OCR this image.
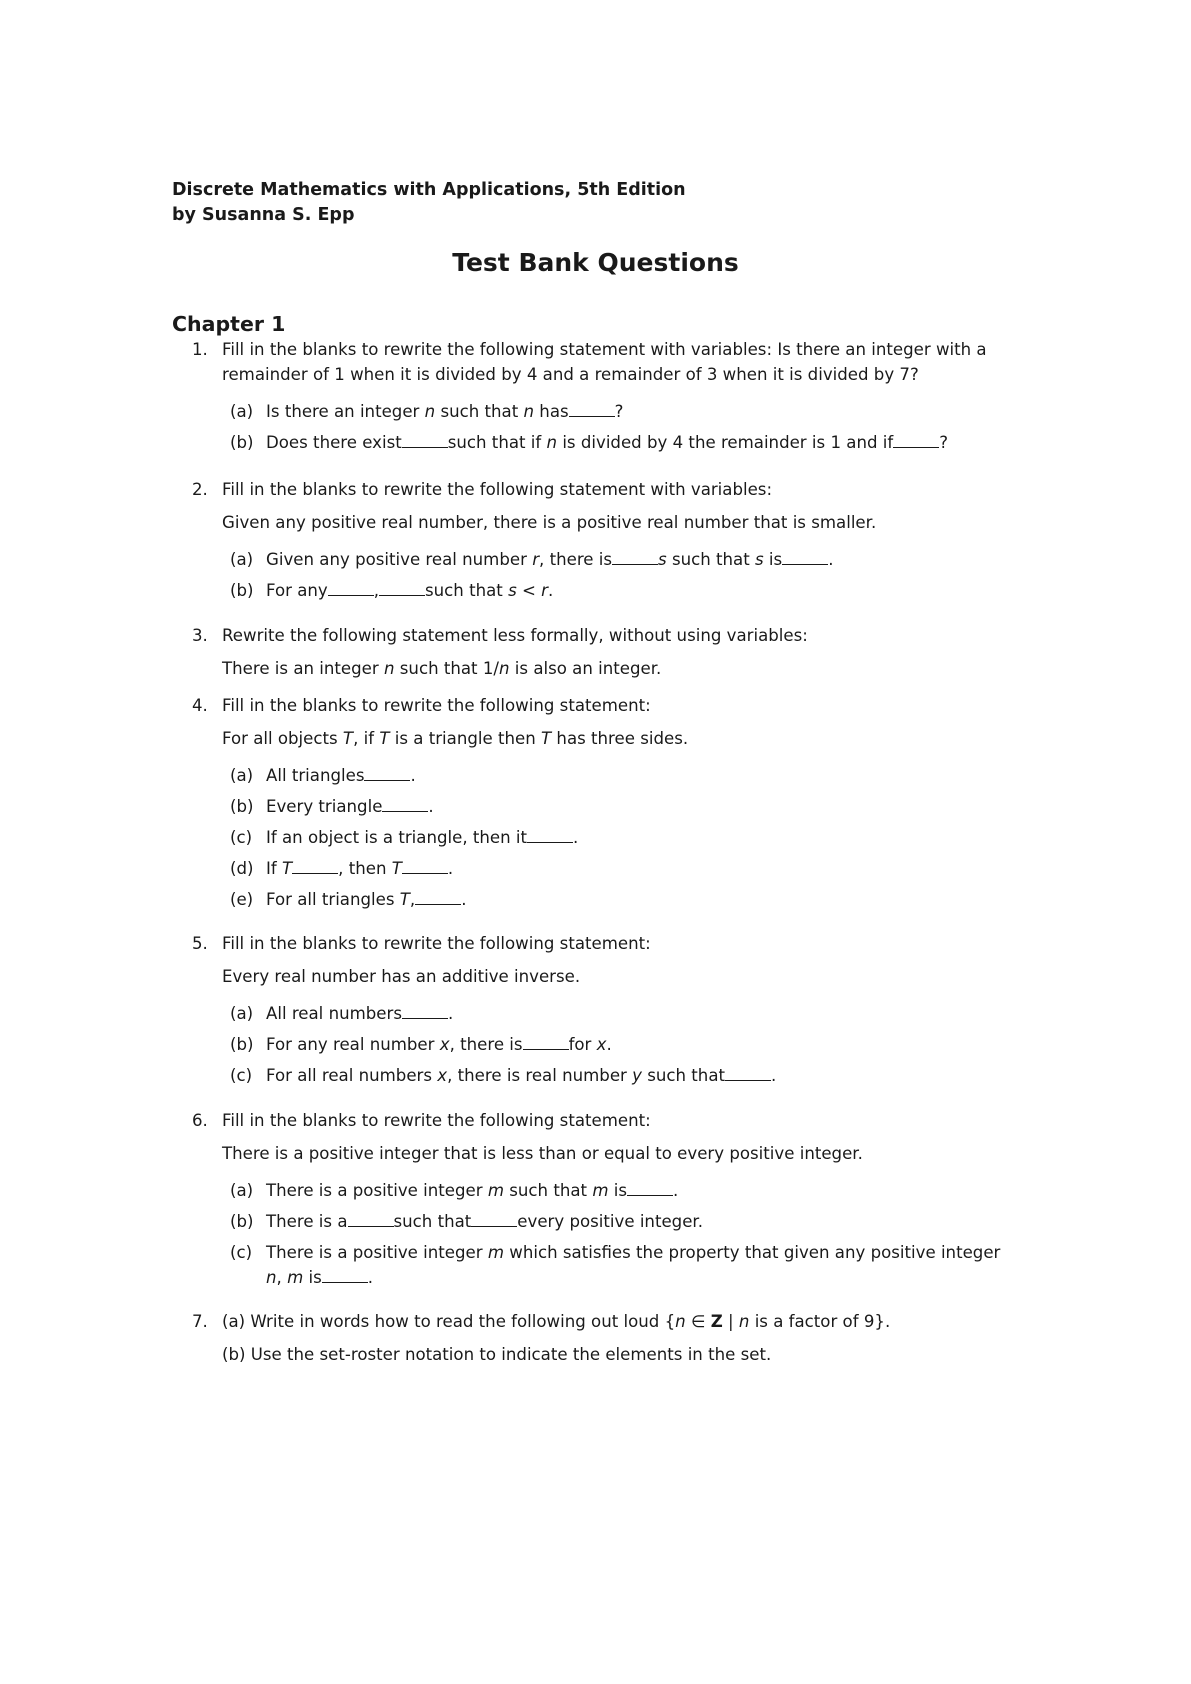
Discrete Mathematics with Applications, 5th Edition
by Susanna S. Epp
Test Bank Questions
Chapter 1
1. Fill in the blanks to rewrite the following statement with variables: Is there an integer with a
remainder of 1 when it is divided by 4 and a remainder of 3 when it is divided by 7?
(a) Is there an integer n such that n has	?
(b) Does there exist	such that if n is divided by 4 the remainder is 1 and if	?
2. Fill in the blanks to rewrite the following statement with variables:
Given any positive real number, there is a positive real number that is smaller.
(a) Given any positive real number r, there is	s such that s is	.
(b) For any	,	such that s < r.
3. Rewrite the following statement less formally, without using variables:
There is an integer n such that 1/n is also an integer.
4. Fill in the blanks to rewrite the following statement:
For all objects T, if T is a triangle then T has three sides.
(a) All triangles	.
(b) Every triangle	.
(c) If an object is a triangle, then it	.
(d) If T	, then T	.
(e) For all triangles T,	.
5. Fill in the blanks to rewrite the following statement:
Every real number has an additive inverse.
(a) All real numbers	.
(b) For any real number x, there is	for x.
(c) For all real numbers x, there is real number y such that	.
6. Fill in the blanks to rewrite the following statement:
There is a positive integer that is less than or equal to every positive integer.
(a) There is a positive integer m such that m is	.
(b) There is a	such that	every positive integer.
(c) There is a positive integer m which satisfies the property that given any positive integer
n, m is	.
7. (a) Write in words how to read the following out loud {n ∈ Z | n is a factor of 9}.
(b) Use the set-roster notation to indicate the elements in the set.
